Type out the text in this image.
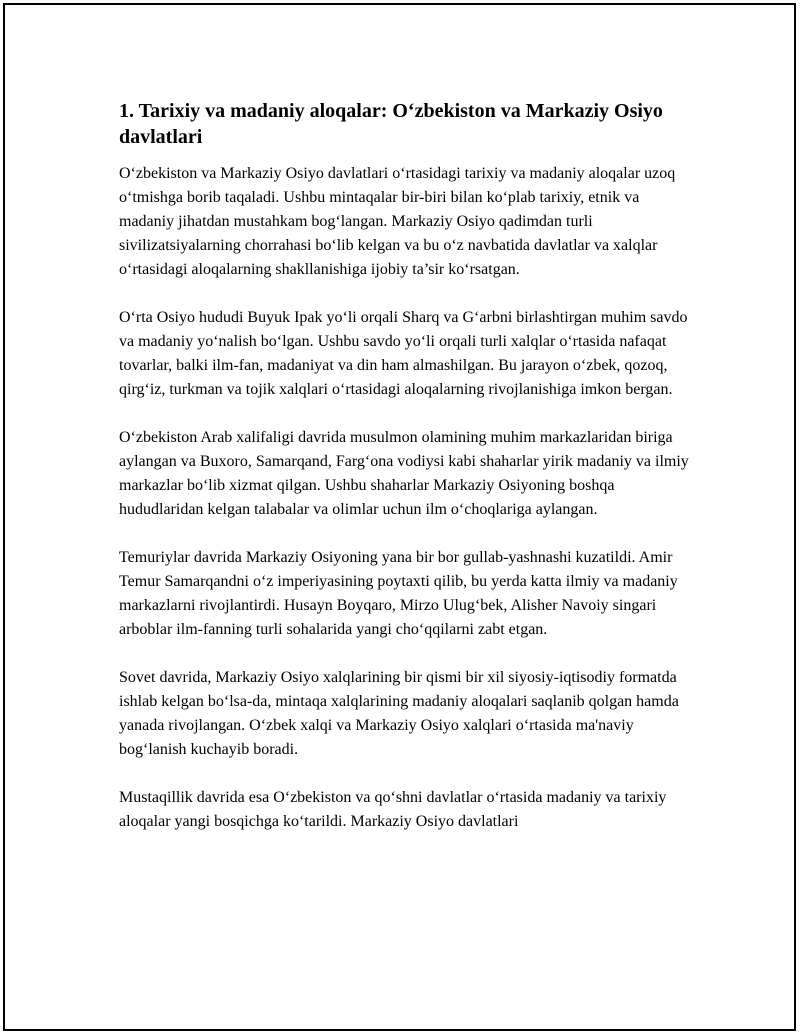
1. Tarixiy va madaniy aloqalar: O‘zbekiston va Markaziy Osiyo davlatlari

O‘zbekiston va Markaziy Osiyo davlatlari o‘rtasidagi tarixiy va madaniy aloqalar uzoq o‘tmishga borib taqaladi. Ushbu mintaqalar bir-biri bilan ko‘plab tarixiy, etnik va madaniy jihatdan mustahkam bog‘langan. Markaziy Osiyo qadimdan turli sivilizatsiyalarning chorrahasi bo‘lib kelgan va bu o‘z navbatida davlatlar va xalqlar o‘rtasidagi aloqalarning shakllanishiga ijobiy ta’sir ko‘rsatgan.

O‘rta Osiyo hududi Buyuk Ipak yo‘li orqali Sharq va G‘arbni birlashtirgan muhim savdo va madaniy yo‘nalish bo‘lgan. Ushbu savdo yo‘li orqali turli xalqlar o‘rtasida nafaqat tovarlar, balki ilm-fan, madaniyat va din ham almashilgan. Bu jarayon o‘zbek, qozoq, qirg‘iz, turkman va tojik xalqlari o‘rtasidagi aloqalarning rivojlanishiga imkon bergan.

O‘zbekiston Arab xalifaligi davrida musulmon olamining muhim markazlaridan biriga aylangan va Buxoro, Samarqand, Farg‘ona vodiysi kabi shaharlar yirik madaniy va ilmiy markazlar bo‘lib xizmat qilgan. Ushbu shaharlar Markaziy Osiyoning boshqa hududlaridan kelgan talabalar va olimlar uchun ilm o‘choqlariga aylangan.

Temuriylar davrida Markaziy Osiyoning yana bir bor gullab-yashnashi kuzatildi. Amir Temur Samarqandni o‘z imperiyasining poytaxti qilib, bu yerda katta ilmiy va madaniy markazlarni rivojlantirdi. Husayn Boyqaro, Mirzo Ulug‘bek, Alisher Navoiy singari arboblar ilm-fanning turli sohalarida yangi cho‘qqilarni zabt etgan.

Sovet davrida, Markaziy Osiyo xalqlarining bir qismi bir xil siyosiy-iqtisodiy formatda ishlab kelgan bo‘lsa-da, mintaqa xalqlarining madaniy aloqalari saqlanib qolgan hamda yanada rivojlangan. O‘zbek xalqi va Markaziy Osiyo xalqlari o‘rtasida ma'naviy bog‘lanish kuchayib boradi.

Mustaqillik davrida esa O‘zbekiston va qo‘shni davlatlar o‘rtasida madaniy va tarixiy aloqalar yangi bosqichga ko‘tarildi. Markaziy Osiyo davlatlari
